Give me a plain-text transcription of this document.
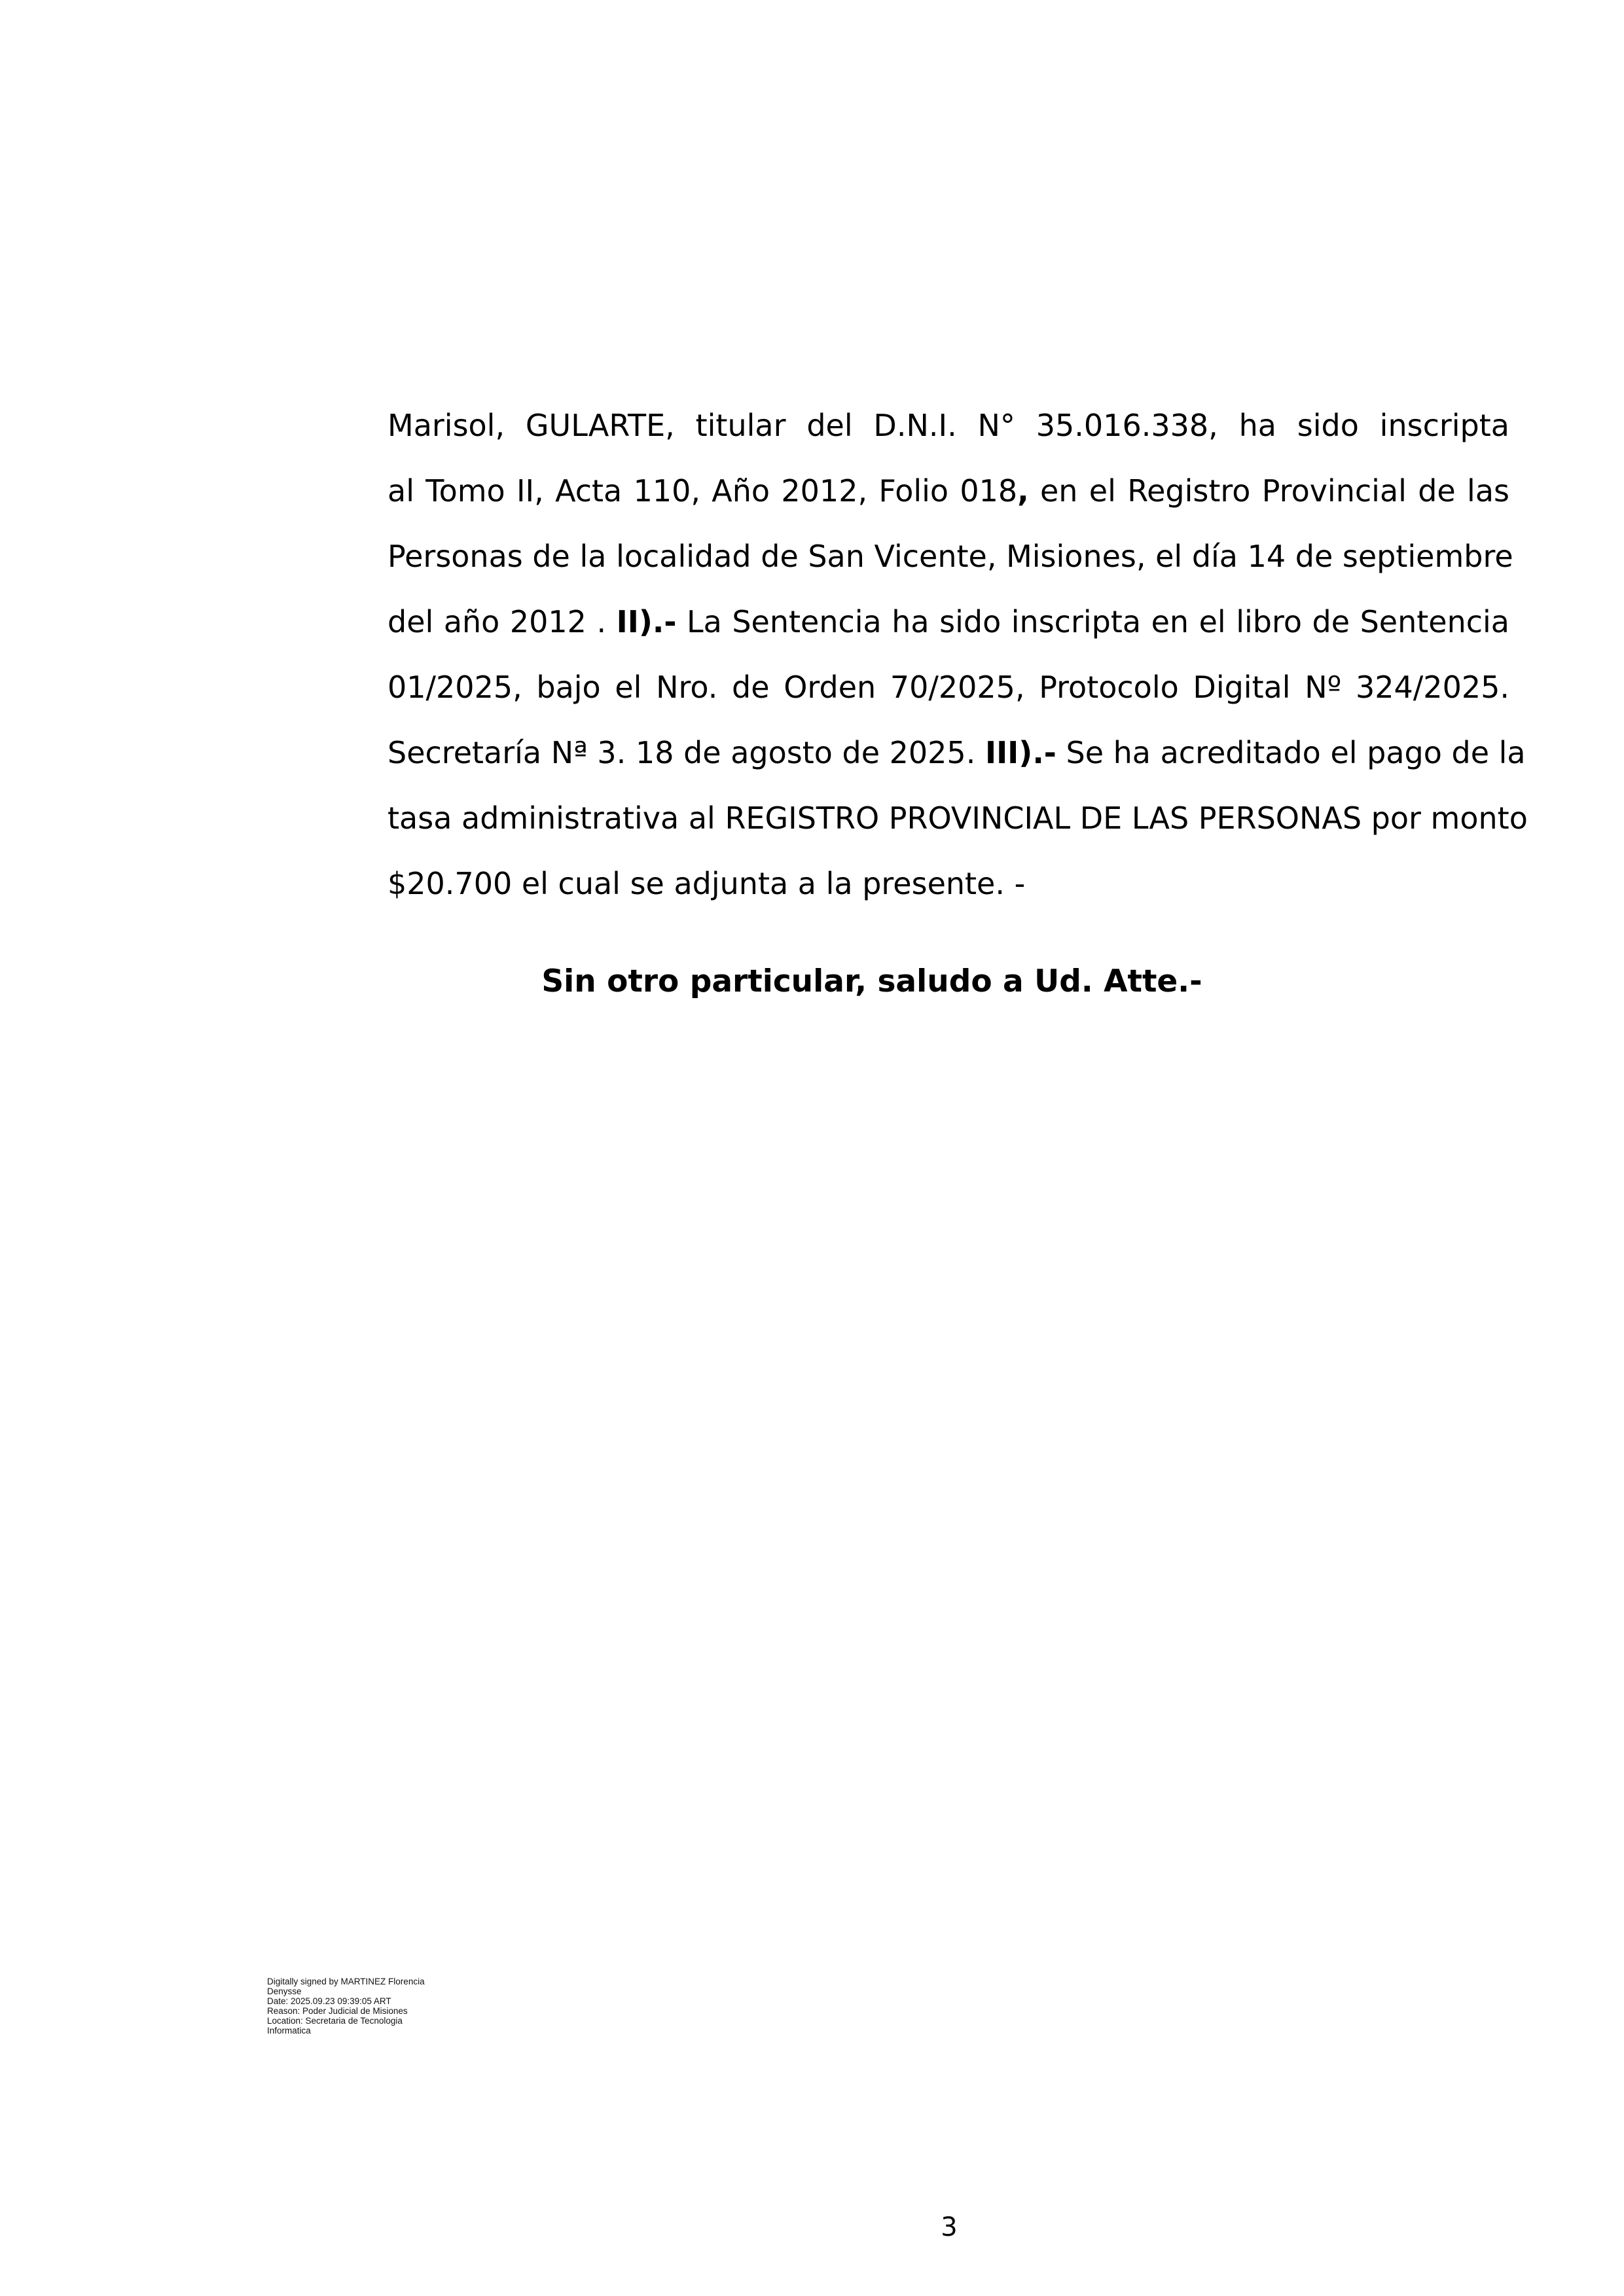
Marisol, GULARTE, titular del D.N.I. N° 35.016.338, ha sido inscripta
al Tomo II, Acta 110, Año 2012, Folio 018, en el Registro Provincial de las
Personas de la localidad de San Vicente, Misiones, el día 14 de septiembre
del año 2012 . II).- La Sentencia ha sido inscripta en el libro de Sentencia
01/2025, bajo el Nro. de Orden 70/2025, Protocolo Digital Nº 324/2025.
Secretaría Nª 3. 18 de agosto de 2025. III).- Se ha acreditado el pago de la
tasa administrativa al REGISTRO PROVINCIAL DE LAS PERSONAS por monto
$20.700 el cual se adjunta a la presente. -
Sin otro particular, saludo a Ud. Atte.-
Digitally signed by MARTINEZ Florencia
Denysse
Date: 2025.09.23 09:39:05 ART
Reason: Poder Judicial de Misiones
Location: Secretaria de Tecnologia
Informatica
3
